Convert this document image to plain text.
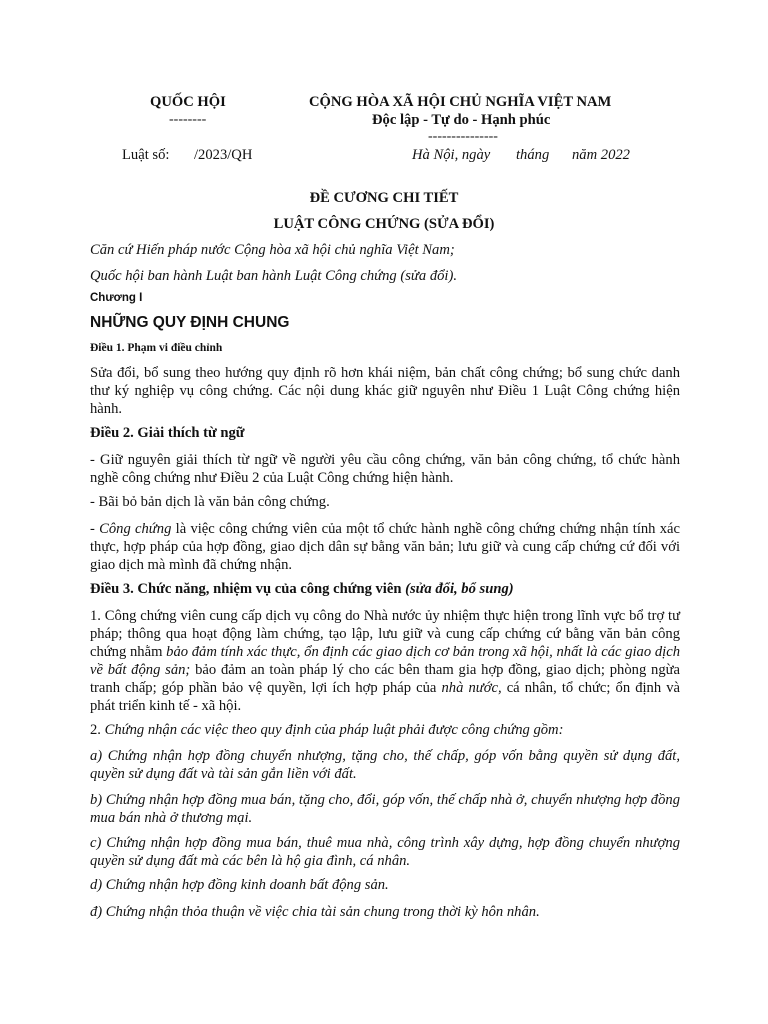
QUỐC HỘI
--------
Luật số: /2023/QH
CỘNG HÒA XÃ HỘI CHỦ NGHĨA VIỆT NAM
Độc lập - Tự do - Hạnh phúc
---------------
Hà Nội, ngày tháng năm 2022
ĐỀ CƯƠNG CHI TIẾT
LUẬT CÔNG CHỨNG (SỬA ĐỔI)
Căn cứ Hiến pháp nước Cộng hòa xã hội chủ nghĩa Việt Nam;
Quốc hội ban hành Luật ban hành Luật Công chứng (sửa đổi).
Chương I
NHỮNG QUY ĐỊNH CHUNG
Điều 1. Phạm vi điều chỉnh

Sửa đổi, bổ sung theo hướng quy định rõ hơn khái niệm, bản chất công chứng; bổ sung chức danh thư ký nghiệp vụ công chứng. Các nội dung khác giữ nguyên như Điều 1 Luật Công chứng hiện hành.

Điều 2. Giải thích từ ngữ

- Giữ nguyên giải thích từ ngữ về người yêu cầu công chứng, văn bản công chứng, tổ chức hành nghề công chứng như Điều 2 của Luật Công chứng hiện hành.

- Bãi bỏ bản dịch là văn bản công chứng.

- Công chứng là việc công chứng viên của một tổ chức hành nghề công chứng chứng nhận tính xác thực, hợp pháp của hợp đồng, giao dịch dân sự bằng văn bản; lưu giữ và cung cấp chứng cứ đối với giao dịch mà mình đã chứng nhận.

Điều 3. Chức năng, nhiệm vụ của công chứng viên (sửa đổi, bổ sung)

1. Công chứng viên cung cấp dịch vụ công do Nhà nước ủy nhiệm thực hiện trong lĩnh vực bổ trợ tư pháp; thông qua hoạt động làm chứng, tạo lập, lưu giữ và cung cấp chứng cứ bằng văn bản công chứng nhằm bảo đảm tính xác thực, ổn định các giao dịch cơ bản trong xã hội, nhất là các giao dịch về bất động sản; bảo đảm an toàn pháp lý cho các bên tham gia hợp đồng, giao dịch; phòng ngừa tranh chấp; góp phần bảo vệ quyền, lợi ích hợp pháp của nhà nước, cá nhân, tổ chức; ổn định và phát triển kinh tế - xã hội.

2. Chứng nhận các việc theo quy định của pháp luật phải được công chứng gồm:

a) Chứng nhận hợp đồng chuyển nhượng, tặng cho, thế chấp, góp vốn bằng quyền sử dụng đất, quyền sử dụng đất và tài sản gắn liền với đất.

b) Chứng nhận hợp đồng mua bán, tặng cho, đổi, góp vốn, thế chấp nhà ở, chuyển nhượng hợp đồng mua bán nhà ở thương mại.

c) Chứng nhận hợp đồng mua bán, thuê mua nhà, công trình xây dựng, hợp đồng chuyển nhượng quyền sử dụng đất mà các bên là hộ gia đình, cá nhân.

d) Chứng nhận hợp đồng kinh doanh bất động sản.
đ) Chứng nhận thỏa thuận về việc chia tài sản chung trong thời kỳ hôn nhân.
